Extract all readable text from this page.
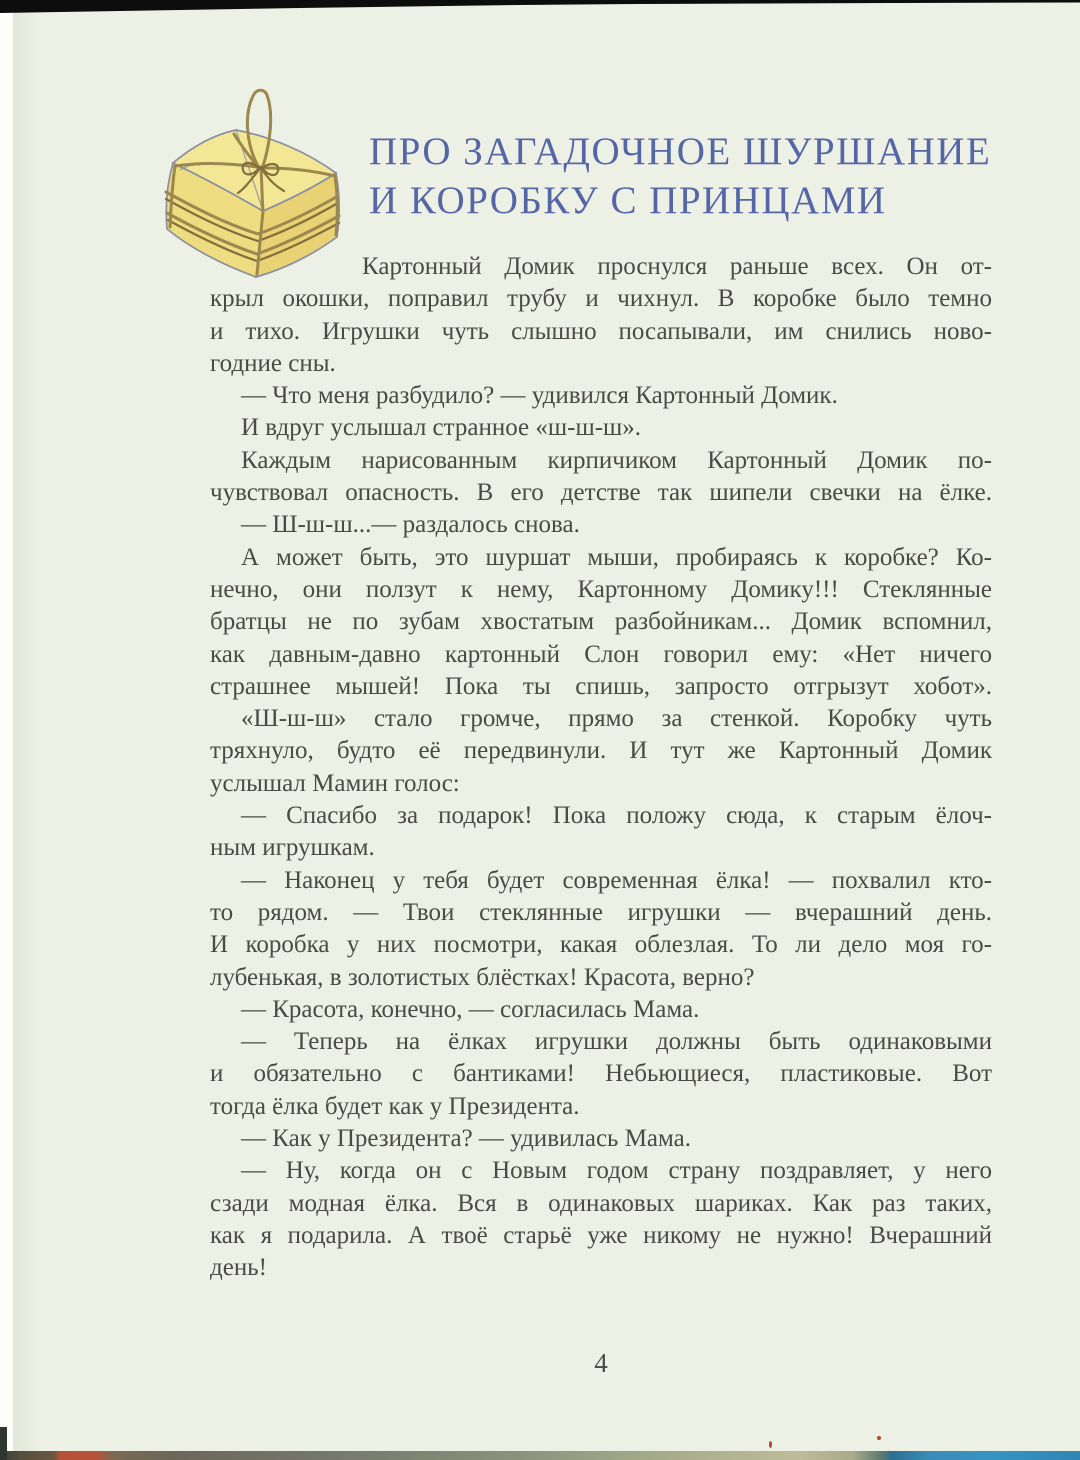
ПРО ЗАГАДОЧНОЕ ШУРШАНИЕ
И КОРОБКУ С ПРИНЦАМИ
Картонный Домик проснулся раньше всех. Он от-
крыл окошки, поправил трубу и чихнул. В коробке было темно
и тихо. Игрушки чуть слышно посапывали, им снились ново-
годние сны.
— Что меня разбудило? — удивился Картонный Домик.
И вдруг услышал странное «ш-ш-ш».
Каждым нарисованным кирпичиком Картонный Домик по-
чувствовал опасность. В его детстве так шипели свечки на ёлке.
— Ш-ш-ш...— раздалось снова.
А может быть, это шуршат мыши, пробираясь к коробке? Ко-
нечно, они ползут к нему, Картонному Домику!!! Стеклянные
братцы не по зубам хвостатым разбойникам... Домик вспомнил,
как давным-давно картонный Слон говорил ему: «Нет ничего
страшнее мышей! Пока ты спишь, запросто отгрызут хобот».
«Ш-ш-ш» стало громче, прямо за стенкой. Коробку чуть
тряхнуло, будто её передвинули. И тут же Картонный Домик
услышал Мамин голос:
— Спасибо за подарок! Пока положу сюда, к старым ёлоч-
ным игрушкам.
— Наконец у тебя будет современная ёлка! — похвалил кто-
то рядом. — Твои стеклянные игрушки — вчерашний день.
И коробка у них посмотри, какая облезлая. То ли дело моя го-
лубенькая, в золотистых блёстках! Красота, верно?
— Красота, конечно, — согласилась Мама.
— Теперь на ёлках игрушки должны быть одинаковыми
и обязательно с бантиками! Небьющиеся, пластиковые. Вот
тогда ёлка будет как у Президента.
— Как у Президента? — удивилась Мама.
— Ну, когда он с Новым годом страну поздравляет, у него
сзади модная ёлка. Вся в одинаковых шариках. Как раз таких,
как я подарила. А твоё старьё уже никому не нужно! Вчерашний
день!
4
